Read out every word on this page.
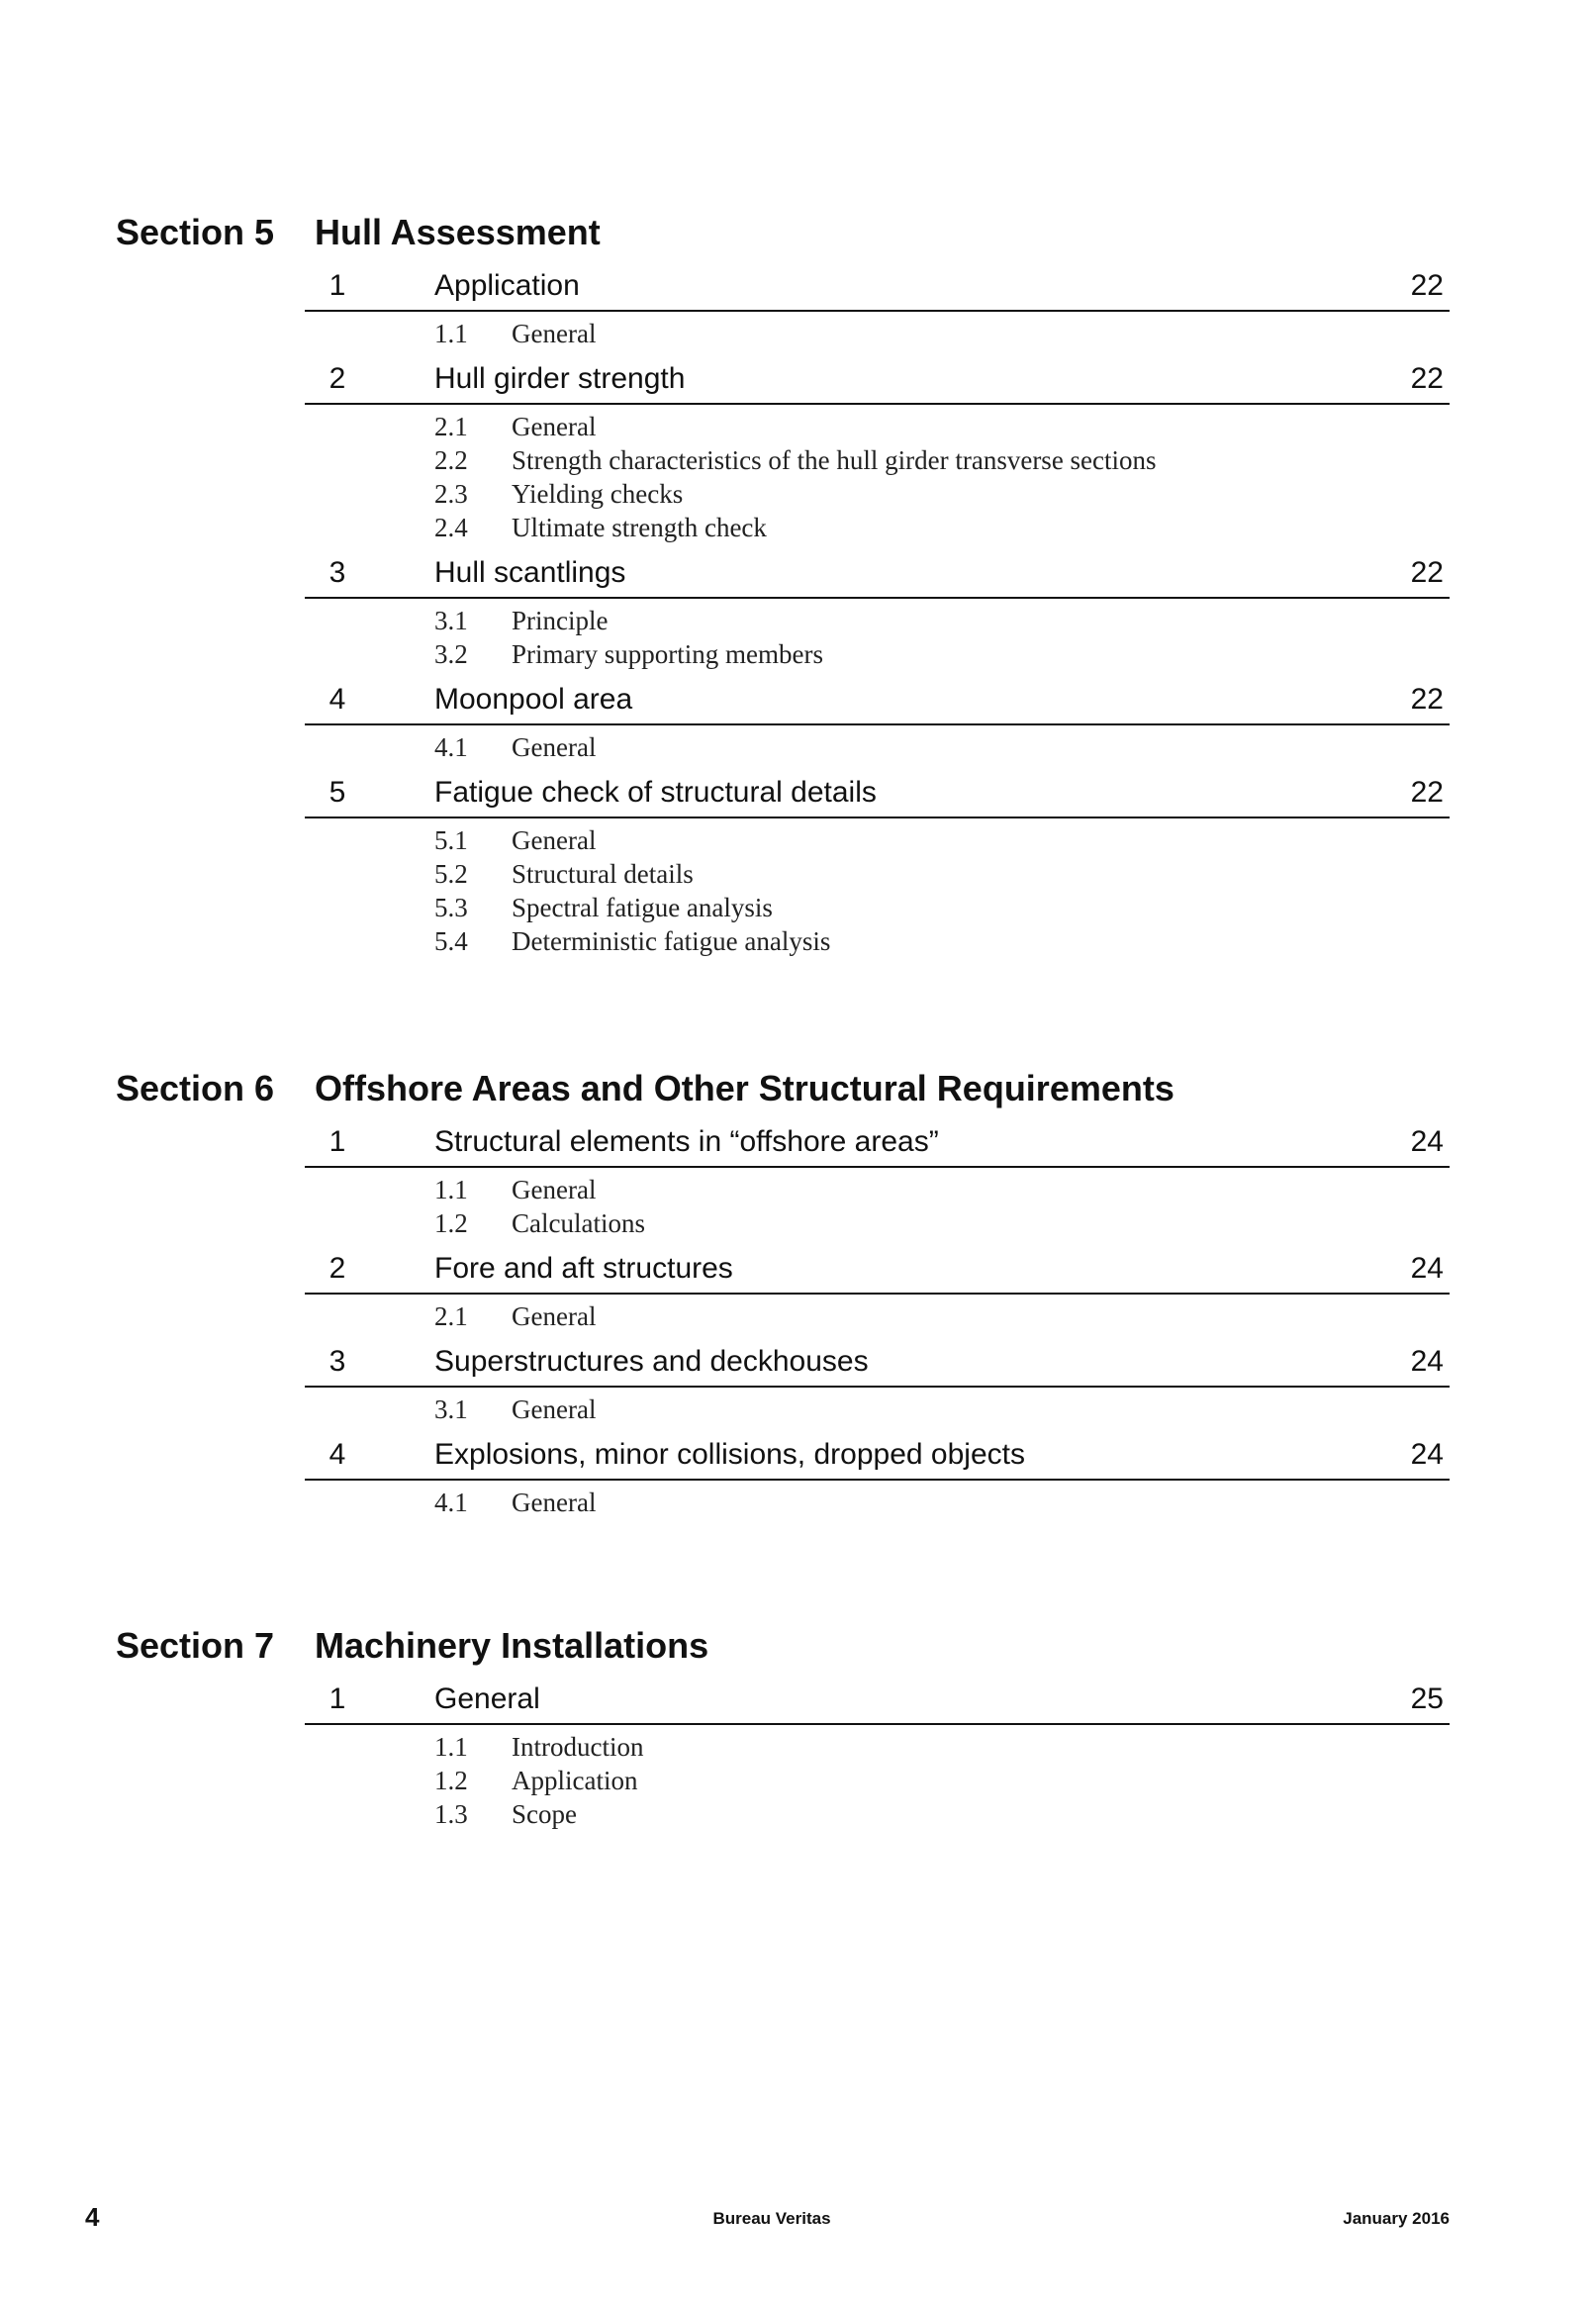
Section 5 Hull Assessment
1	Application	22
1.1 General
2	Hull girder strength	22
2.1 General
2.2 Strength characteristics of the hull girder transverse sections
2.3 Yielding checks
2.4 Ultimate strength check
3	Hull scantlings	22
3.1 Principle
3.2 Primary supporting members
4	Moonpool area	22
4.1 General
5	Fatigue check of structural details	22
5.1 General
5.2 Structural details
5.3 Spectral fatigue analysis
5.4 Deterministic fatigue analysis
Section 6 Offshore Areas and Other Structural Requirements
1	Structural elements in “offshore areas”	24
1.1 General
1.2 Calculations
2	Fore and aft structures	24
2.1 General
3	Superstructures and deckhouses	24
3.1 General
4	Explosions, minor collisions, dropped objects	24
4.1 General
Section 7 Machinery Installations
1	General	25
1.1 Introduction
1.2 Application
1.3 Scope
4	Bureau Veritas	January 2016
